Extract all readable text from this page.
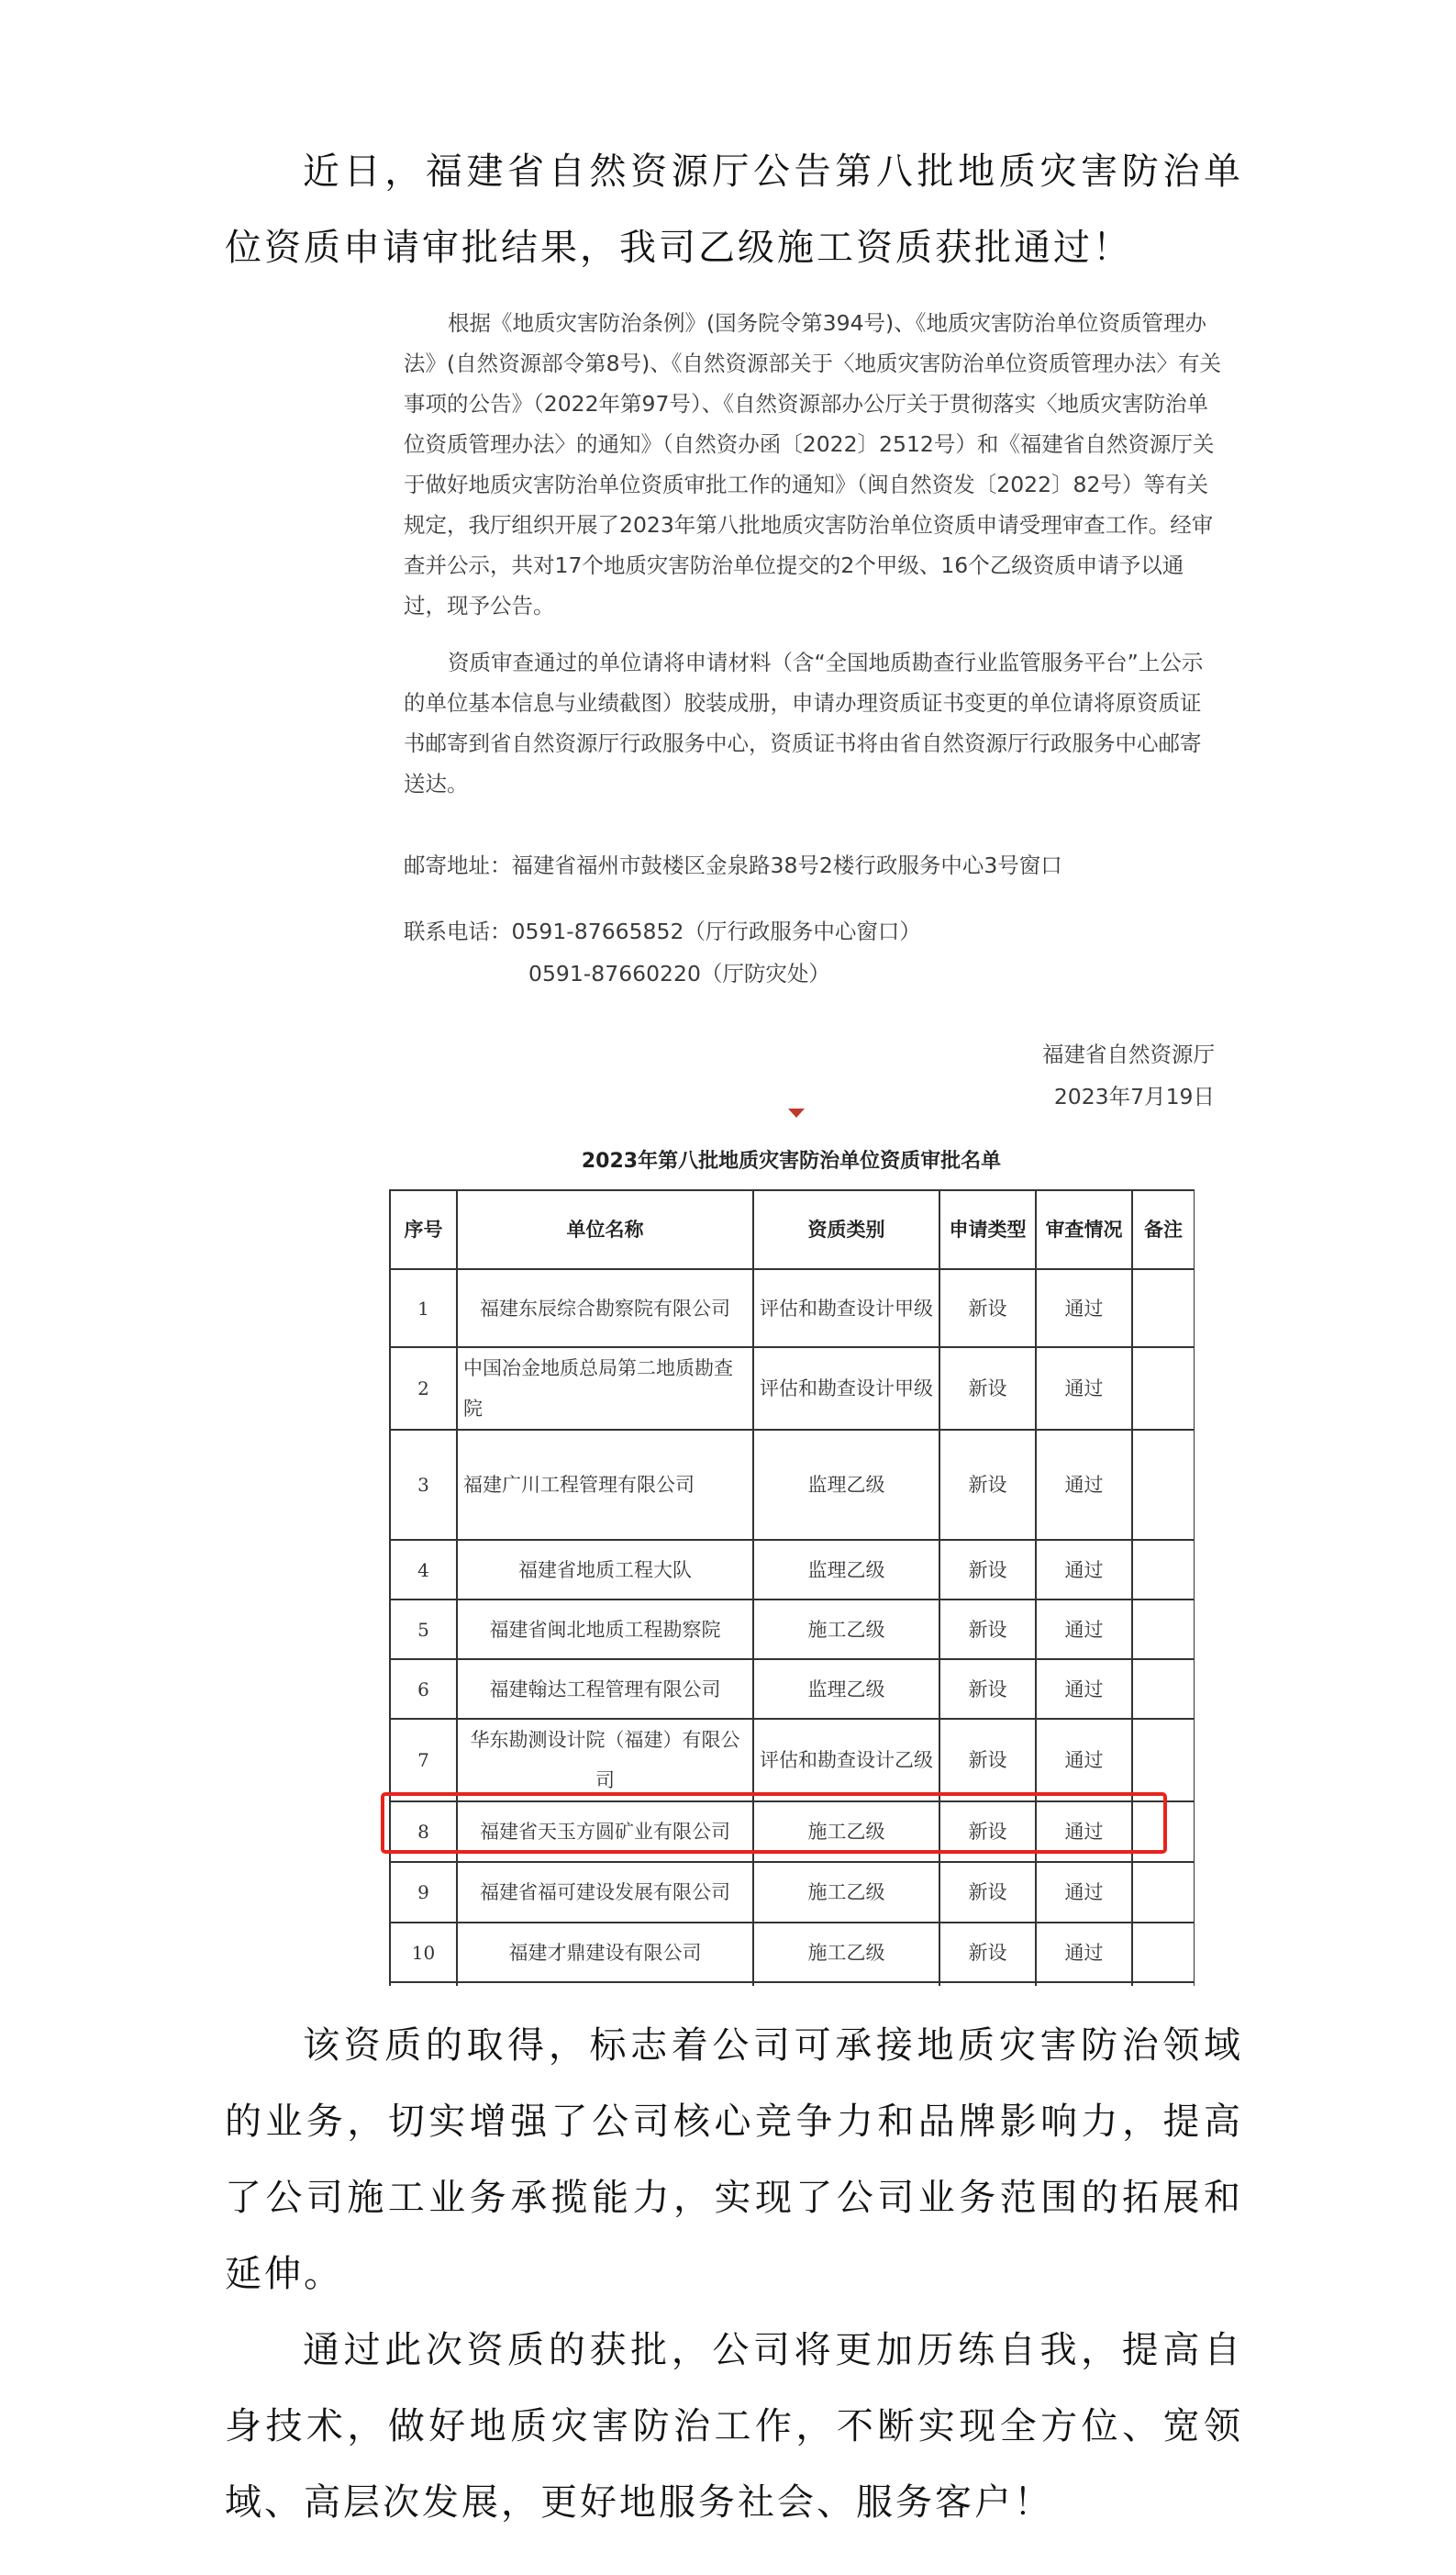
近日，福建省自然资源厅公告第八批地质灾害防治单位资质申请审批结果，我司乙级施工资质获批通过！

根据《地质灾害防治条例》(国务院令第394号)、《地质灾害防治单位资质管理办法》(自然资源部令第8号)、《自然资源部关于〈地质灾害防治单位资质管理办法〉有关事项的公告》（2022年第97号）、《自然资源部办公厅关于贯彻落实〈地质灾害防治单位资质管理办法〉的通知》（自然资办函〔2022〕2512号）和《福建省自然资源厅关于做好地质灾害防治单位资质审批工作的通知》（闽自然资发〔2022〕82号）等有关规定，我厅组织开展了2023年第八批地质灾害防治单位资质申请受理审查工作。经审查并公示，共对17个地质灾害防治单位提交的2个甲级、16个乙级资质申请予以通过，现予公告。

资质审查通过的单位请将申请材料（含“全国地质勘查行业监管服务平台”上公示的单位基本信息与业绩截图）胶装成册，申请办理资质证书变更的单位请将原资质证书邮寄到省自然资源厅行政服务中心，资质证书将由省自然资源厅行政服务中心邮寄送达。

邮寄地址：福建省福州市鼓楼区金泉路38号2楼行政服务中心3号窗口
联系电话：0591-87665852（厅行政服务中心窗口）
0591-87660220（厅防灾处）
福建省自然资源厅
2023年7月19日
2023年第八批地质灾害防治单位资质审批名单
序号	单位名称	资质类别	申请类型	审查情况	备注
1	福建东辰综合勘察院有限公司	评估和勘查设计甲级	新设	通过	
2	中国冶金地质总局第二地质勘查院	评估和勘查设计甲级	新设	通过	
3	福建广川工程管理有限公司	监理乙级	新设	通过	
4	福建省地质工程大队	监理乙级	新设	通过	
5	福建省闽北地质工程勘察院	施工乙级	新设	通过	
6	福建翰达工程管理有限公司	监理乙级	新设	通过	
7	华东勘测设计院（福建）有限公司	评估和勘查设计乙级	新设	通过	
8	福建省天玉方圆矿业有限公司	施工乙级	新设	通过	
9	福建省福可建设发展有限公司	施工乙级	新设	通过	
10	福建才鼎建设有限公司	施工乙级	新设	通过	

该资质的取得，标志着公司可承接地质灾害防治领域的业务，切实增强了公司核心竞争力和品牌影响力，提高了公司施工业务承揽能力，实现了公司业务范围的拓展和延伸。

通过此次资质的获批，公司将更加历练自我，提高自身技术，做好地质灾害防治工作，不断实现全方位、宽领域、高层次发展，更好地服务社会、服务客户！
